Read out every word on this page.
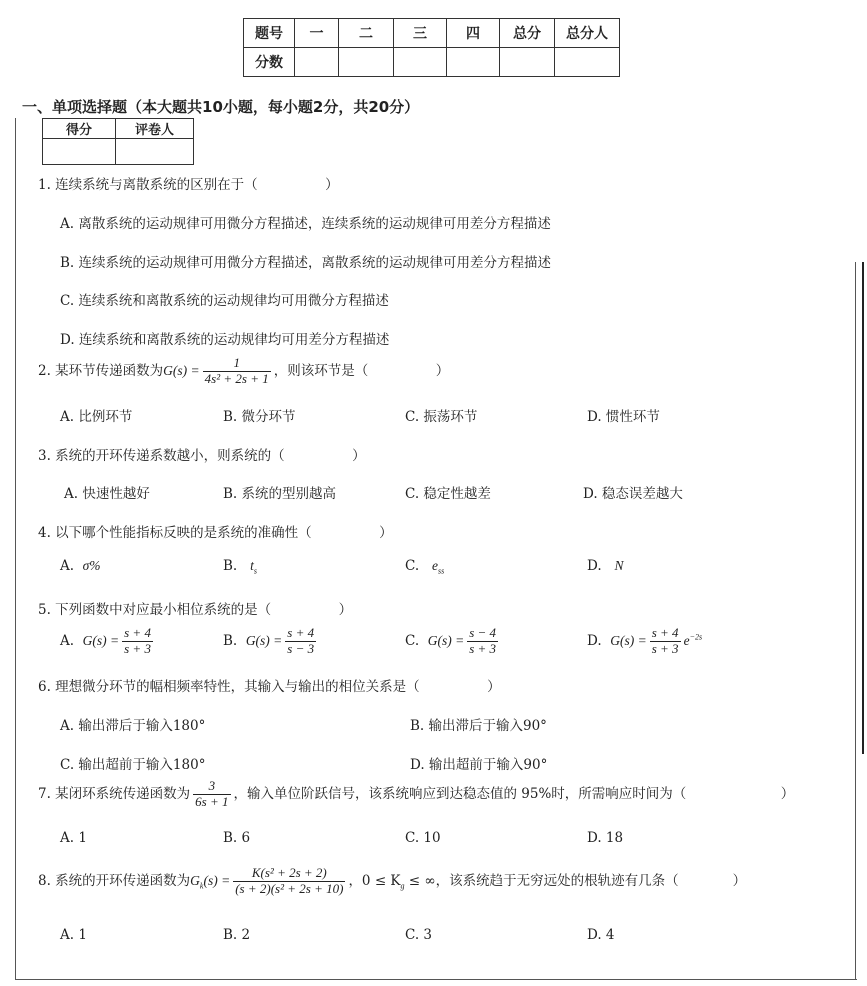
题号	一	二	三	四	总分	总分人
分数						
一、单项选择题（本大题共10小题，每小题2分，共20分）
得分	评卷人

1. 连续系统与离散系统的区别在于（　　　　　）
A. 离散系统的运动规律可用微分方程描述，连续系统的运动规律可用差分方程描述
B. 连续系统的运动规律可用微分方程描述，离散系统的运动规律可用差分方程描述
C. 连续系统和离散系统的运动规律均可用微分方程描述
D. 连续系统和离散系统的运动规律均可用差分方程描述
2. 某环节传递函数为$G(s) = \frac{1}{\text{4s² + 2s + 1}}$ ，则该环节是（　　　　　）
A. 比例环节	B. 微分环节	C. 振荡环节	D. 惯性环节
3. 系统的开环传递系数越小，则系统的（　　　　　）
A. 快速性越好	B. 系统的型别越高	C. 稳定性越差	D. 稳态误差越大
4. 以下哪个性能指标反映的是系统的准确性（　　　　　）
A. σ%	B. $t_s$	C. $e_{ss}$	D. N
5. 下列函数中对应最小相位系统的是（　　　　　）
A. $G(s) = \frac{s + 4}{s + 3}$	B. $G(s) = \frac{s + 4}{s - 3}$	C. $G(s) = \frac{s - 4}{s + 3}$	D. $G(s) = \frac{s + 4}{s + 3} e^{-2s}$
6. 理想微分环节的幅相频率特性，其输入与输出的相位关系是（　　　　　）
A. 输出滞后于输入180°	B. 输出滞后于输入90°
C. 输出超前于输入180°	D. 输出超前于输入90°
7. 某闭环系统传递函数为 $\frac{3}{6s + 1}$ ，输入单位阶跃信号，该系统响应到达稳态值的 95%时，所需响应时间为（　　　　　　　）
A. 1	B. 6	C. 10	D. 18
8. 系统的开环传递函数为$G_k(s) = \frac{\text{K(s² + 2s + 2)}}{\text{(s + 2)(s² + 2s + 10)}}$ ，$0 \le K_g$ ≤ ∞，该系统趋于无穷远处的根轨迹有几条（　　　　）
A. 1	B. 2	C. 3	D. 4
